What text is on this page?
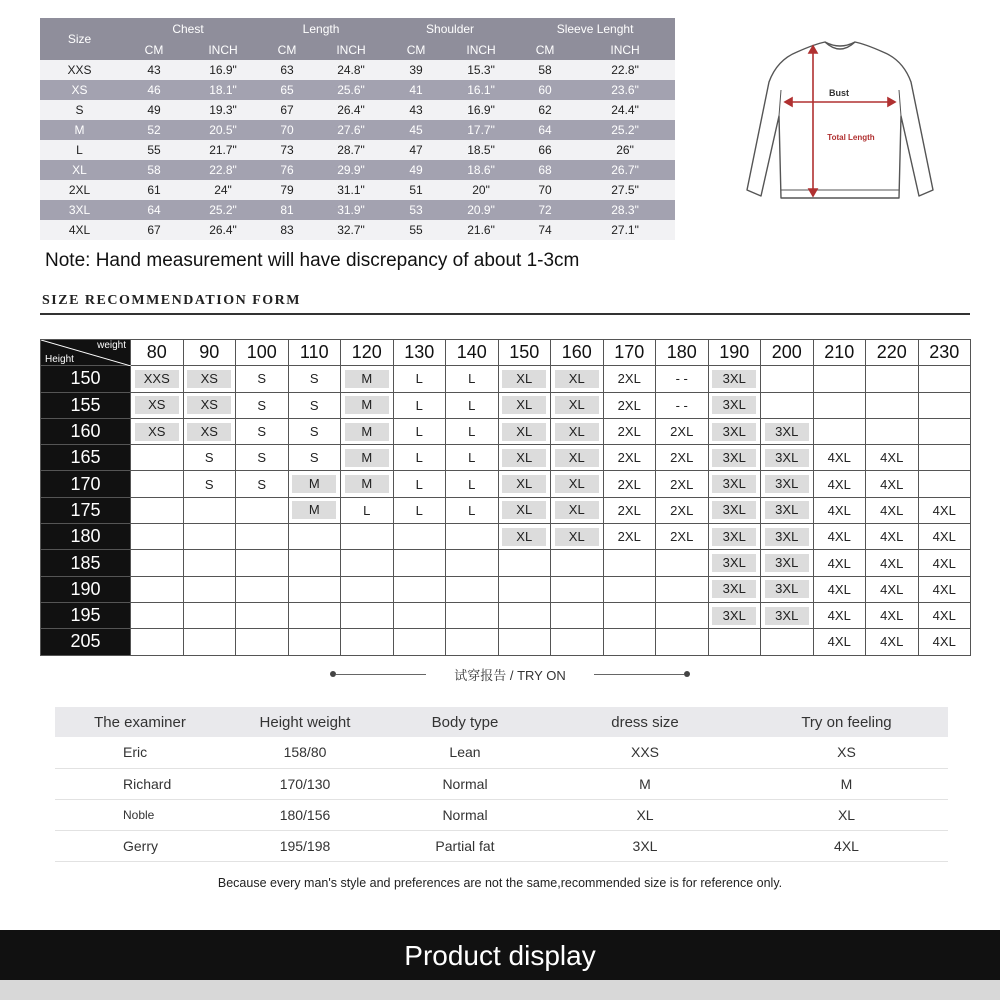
Size	Chest		Length		Shoulder		Sleeve Lenght	
	CM	INCH	CM	INCH	CM	INCH	CM	INCH
XXS	43	16.9"	63	24.8"	39	15.3"	58	22.8"
XS	46	18.1"	65	25.6"	41	16.1"	60	23.6"
S	49	19.3"	67	26.4"	43	16.9"	62	24.4"
M	52	20.5"	70	27.6"	45	17.7"	64	25.2"
L	55	21.7"	73	28.7"	47	18.5"	66	26"
XL	58	22.8"	76	29.9"	49	18.6"	68	26.7"
2XL	61	24"	79	31.1"	51	20"	70	27.5"
3XL	64	25.2"	81	31.9"	53	20.9"	72	28.3"
4XL	67	26.4"	83	32.7"	55	21.6"	74	27.1"
Bust
Total Length
Note: Hand measurement will have discrepancy of about 1-3cm
SIZE RECOMMENDATION FORM
weight
Height	80	90	100	110	120	130	140	150	160	170	180	190	200	210	220	230
150	XXS	XS	S	S	M	L	L	XL	XL	2XL	- -	3XL				
155	XS	XS	S	S	M	L	L	XL	XL	2XL	- -	3XL				
160	XS	XS	S	S	M	L	L	XL	XL	2XL	2XL	3XL	3XL			
165		S	S	S	M	L	L	XL	XL	2XL	2XL	3XL	3XL	4XL	4XL	
170		S	S	M	M	L	L	XL	XL	2XL	2XL	3XL	3XL	4XL	4XL	
175				M	L	L	L	XL	XL	2XL	2XL	3XL	3XL	4XL	4XL	4XL
180								XL	XL	2XL	2XL	3XL	3XL	4XL	4XL	4XL
185												3XL	3XL	4XL	4XL	4XL
190												3XL	3XL	4XL	4XL	4XL
195												3XL	3XL	4XL	4XL	4XL
205														4XL	4XL	4XL
试穿报告 / TRY ON
The examiner	Height weight	Body type	dress size	Try on feeling
Eric	158/80	Lean	XXS	XS
Richard	170/130	Normal	M	M
Noble	180/156	Normal	XL	XL
Gerry	195/198	Partial fat	3XL	4XL
Because every man's style and preferences are not the same,recommended size is for reference only.
Product display
